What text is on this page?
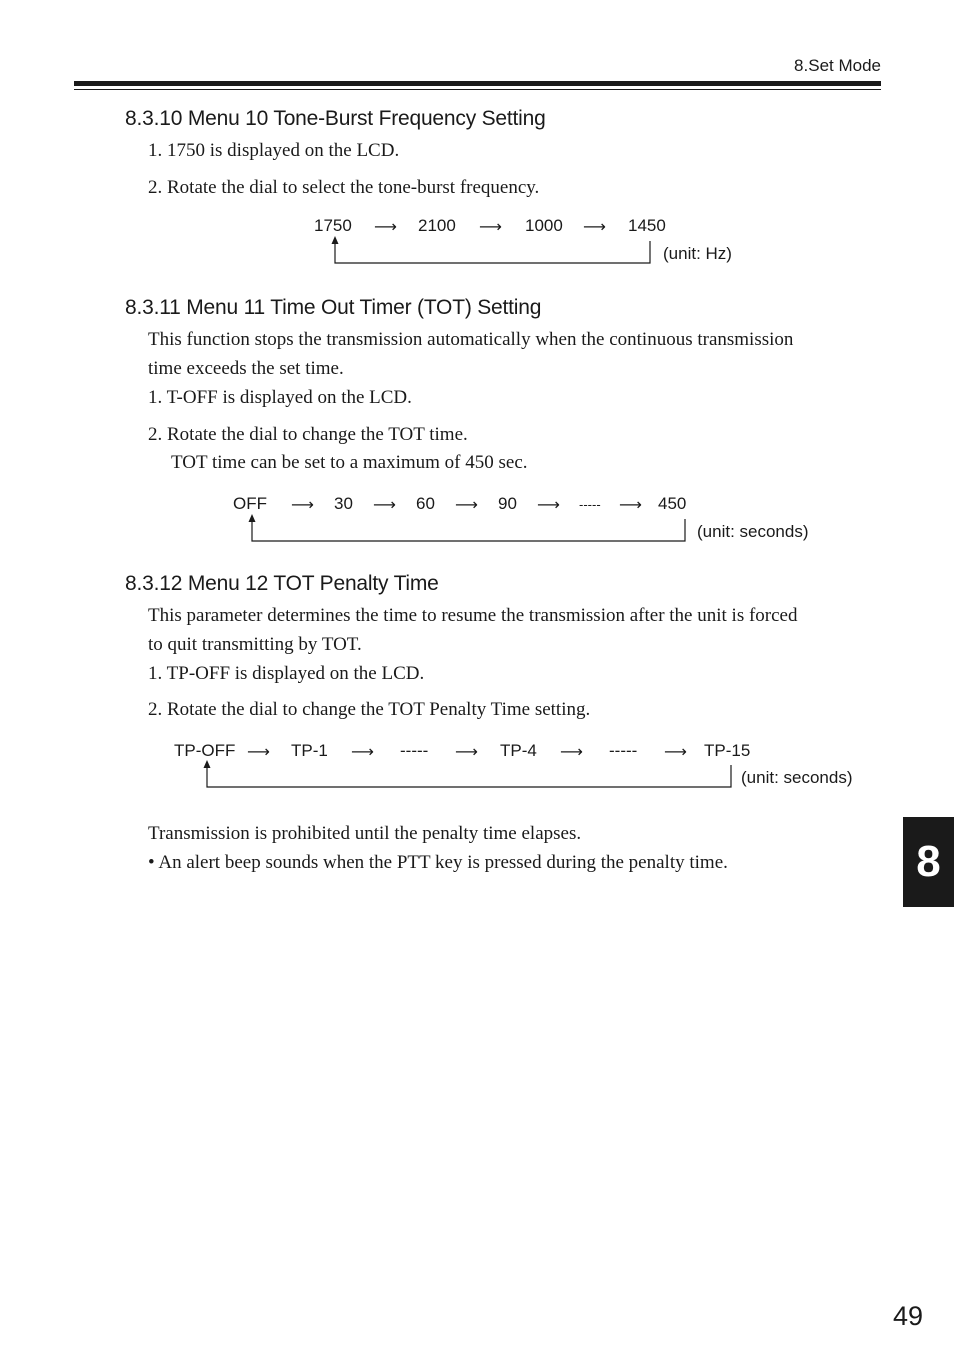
8.Set Mode
8.3.10 Menu 10 Tone-Burst Frequency Setting
1. 1750 is displayed on the LCD.
2. Rotate the dial to select the tone-burst frequency.
1750 ⟶ 2100 ⟶ 1000 ⟶ 1450
(unit: Hz)
8.3.11 Menu 11 Time Out Timer (TOT) Setting
This function stops the transmission automatically when the continuous transmission
time exceeds the set time.
1. T-OFF is displayed on the LCD.
2. Rotate the dial to change the TOT time.
TOT time can be set to a maximum of 450 sec.
OFF ⟶ 30 ⟶ 60 ⟶ 90 ⟶ ----- ⟶ 450
(unit: seconds)
8.3.12 Menu 12 TOT Penalty Time
This parameter determines the time to resume the transmission after the unit is forced
to quit transmitting by TOT.
1. TP-OFF is displayed on the LCD.
2. Rotate the dial to change the TOT Penalty Time setting.
TP-OFF ⟶ TP-1 ⟶ ----- ⟶ TP-4 ⟶ ----- ⟶ TP-15
(unit: seconds)
Transmission is prohibited until the penalty time elapses.
• An alert beep sounds when the PTT key is pressed during the penalty time.	8
49
